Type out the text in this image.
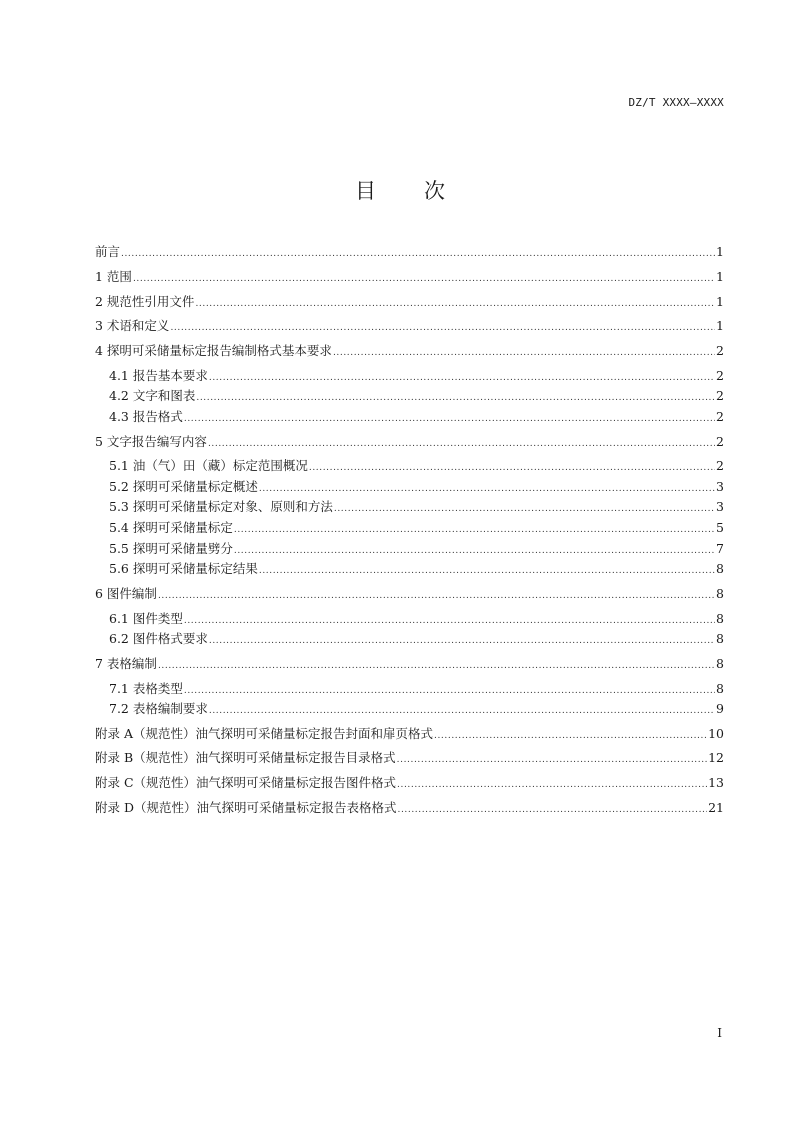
DZ/T XXXX—XXXX
目 次
前言 .....	1
1 范围 .....	1
2 规范性引用文件 .....	1
3 术语和定义 .....	1
4 探明可采储量标定报告编制格式基本要求 .....	2
4.1 报告基本要求 .....	2
4.2 文字和图表 .....	2
4.3 报告格式 .....	2
5 文字报告编写内容 .....	2
5.1 油（气）田（藏）标定范围概况 .....	2
5.2 探明可采储量标定概述 .....	3
5.3 探明可采储量标定对象、原则和方法 .....	3
5.4 探明可采储量标定 .....	5
5.5 探明可采储量劈分 .....	7
5.6 探明可采储量标定结果 .....	8
6 图件编制 .....	8
6.1 图件类型 .....	8
6.2 图件格式要求 .....	8
7 表格编制 .....	8
7.1 表格类型 .....	8
7.2 表格编制要求 .....	9
附录 A（规范性）油气探明可采储量标定报告封面和扉页格式 .....	10
附录 B（规范性）油气探明可采储量标定报告目录格式 .....	12
附录 C（规范性）油气探明可采储量标定报告图件格式 .....	13
附录 D（规范性）油气探明可采储量标定报告表格格式 .....	21
I
